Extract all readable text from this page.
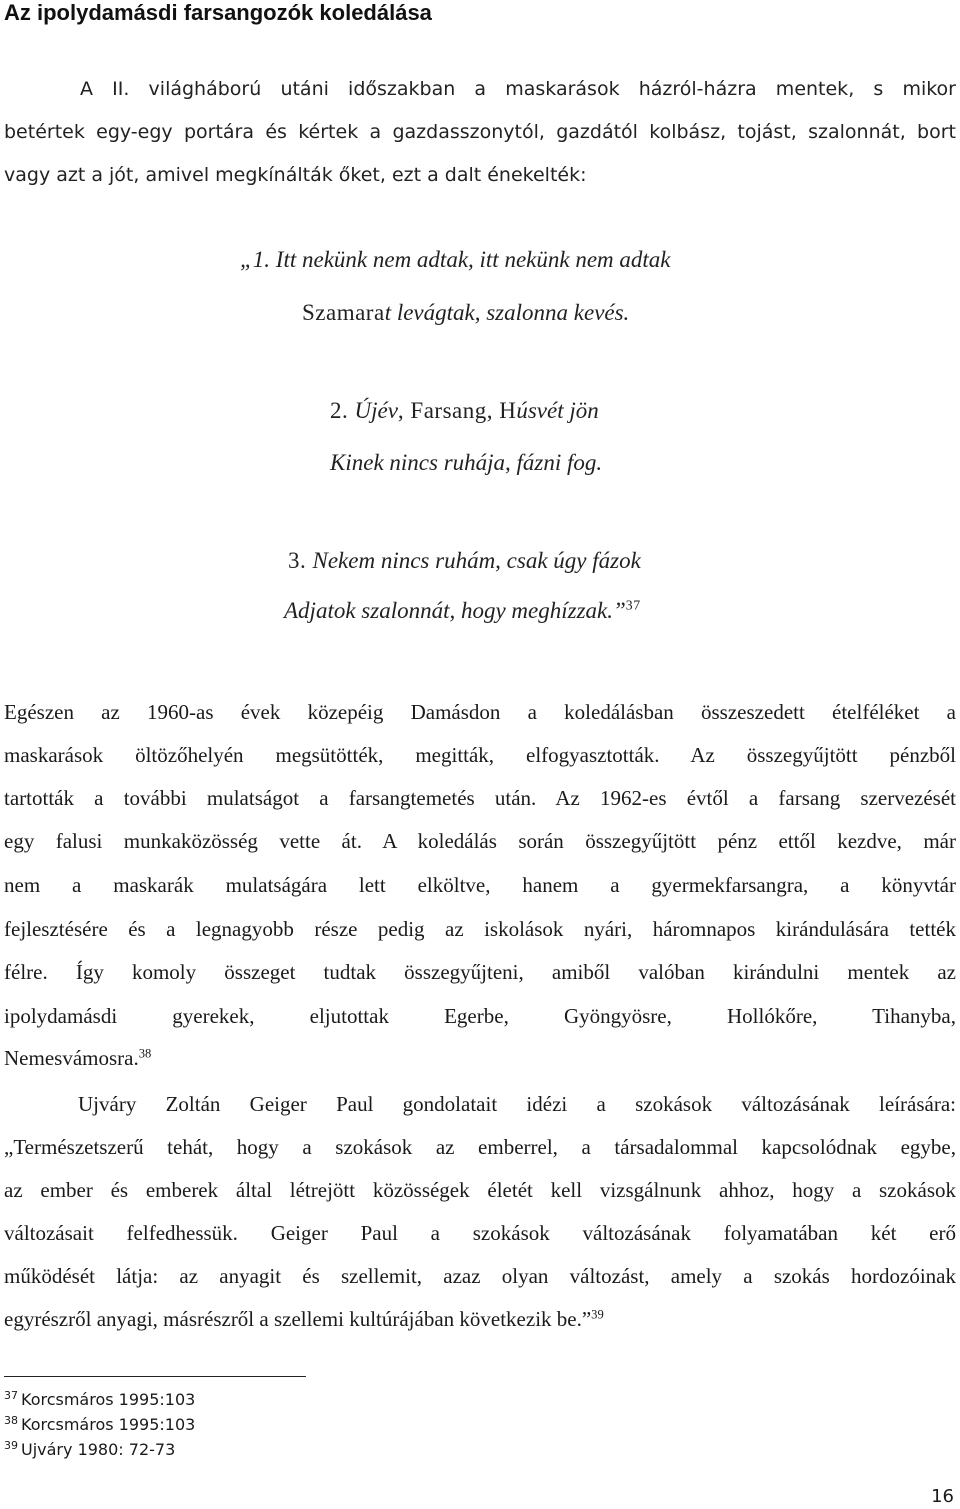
Az ipolydamásdi farsangozók koledálása
A II. világháború utáni időszakban a maskarások házról-házra mentek, s mikor
betértek egy-egy portára és kértek a gazdasszonytól, gazdától kolbász, tojást, szalonnát, bort
vagy azt a jót, amivel megkínálták őket, ezt a dalt énekelték:
„1. Itt nekünk nem adtak, itt nekünk nem adtak
Szamarat levágtak, szalonna kevés.
2. Újév, Farsang, Húsvét jön
Kinek nincs ruhája, fázni fog.
3. Nekem nincs ruhám, csak úgy fázok
Adjatok szalonnát, hogy meghízzak.”$^{37}$
Egészen az 1960-as évek közepéig Damásdon a koledálásban összeszedett ételféléket a
maskarások öltözőhelyén megsütötték, megitták, elfogyasztották. Az összegyűjtött pénzből
tartották a további mulatságot a farsangtemetés után. Az 1962-es évtől a farsang szervezését
egy falusi munkaközösség vette át. A koledálás során összegyűjtött pénz ettől kezdve, már
nem a maskarák mulatságára lett elköltve, hanem a gyermekfarsangra, a könyvtár
fejlesztésére és a legnagyobb része pedig az iskolások nyári, háromnapos kirándulására tették
félre. Így komoly összeget tudtak összegyűjteni, amiből valóban kirándulni mentek az
ipolydamásdi gyerekek, eljutottak Egerbe, Gyöngyösre, Hollókőre, Tihanyba,
Nemesvámosra.$^{38}$
Ujváry Zoltán Geiger Paul gondolatait idézi a szokások változásának leírására:
„Természetszerű tehát, hogy a szokások az emberrel, a társadalommal kapcsolódnak egybe,
az ember és emberek által létrejött közösségek életét kell vizsgálnunk ahhoz, hogy a szokások
változásait felfedhessük. Geiger Paul a szokások változásának folyamatában két erő
működését látja: az anyagit és szellemit, azaz olyan változást, amely a szokás hordozóinak
egyrészről anyagi, másrészről a szellemi kultúrájában következik be.”$^{39}$
$^{37}$ Korcsmáros 1995:103
$^{38}$ Korcsmáros 1995:103
$^{39}$ Ujváry 1980: 72-73
16
